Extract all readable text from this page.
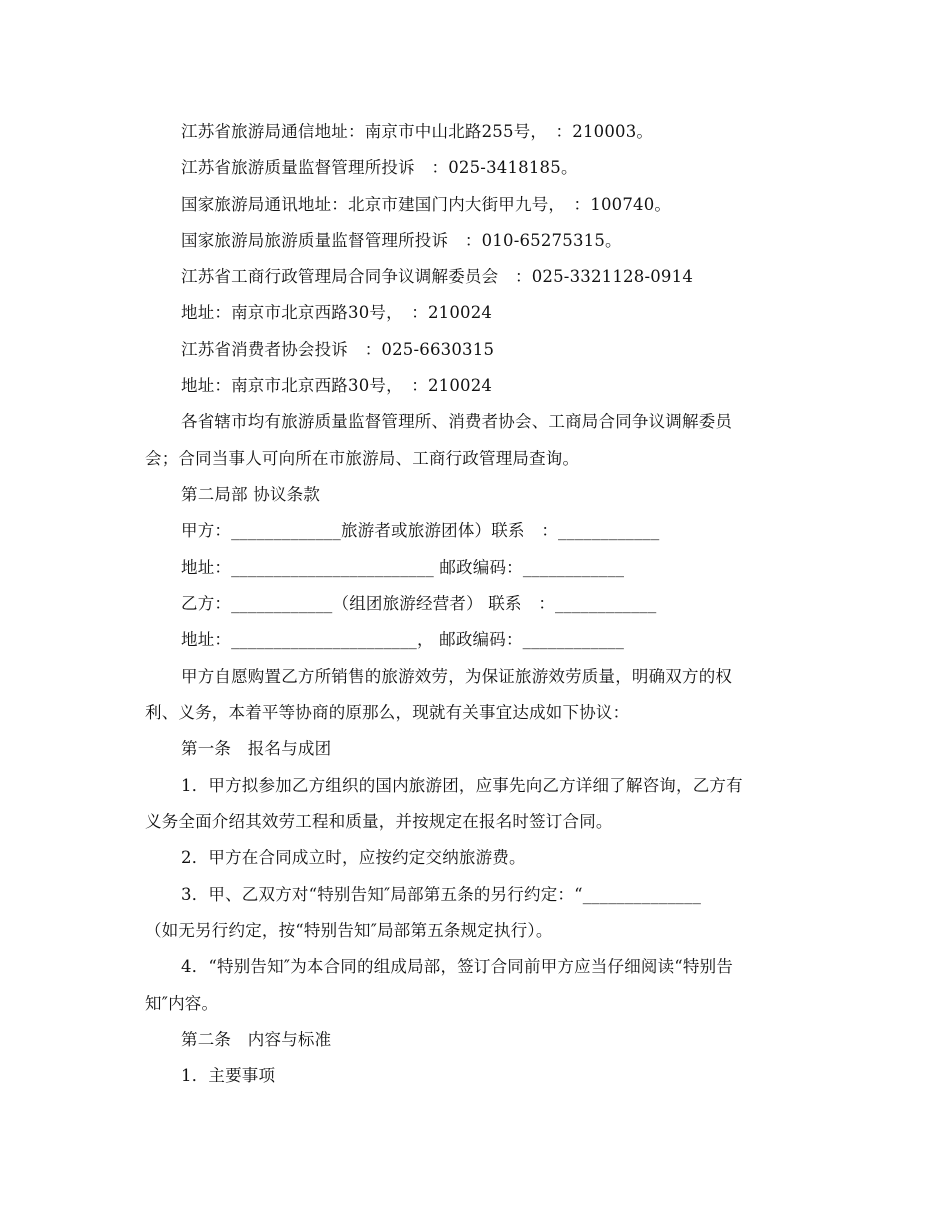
江苏省旅游局通信地址：南京市中山北路255号，　：210003。
江苏省旅游质量监督管理所投诉　：025-3418185。
国家旅游局通讯地址：北京市建国门内大街甲九号，　：100740。
国家旅游局旅游质量监督管理所投诉　：010-65275315。
江苏省工商行政管理局合同争议调解委员会　：025-3321128-0914
地址：南京市北京西路30号，　：210024
江苏省消费者协会投诉　：025-6630315
地址：南京市北京西路30号，　：210024
各省辖市均有旅游质量监督管理所、消费者协会、工商局合同争议调解委员
会；合同当事人可向所在市旅游局、工商行政管理局查询。
第二局部 协议条款
甲方：_____________旅游者或旅游团体）联系　：____________
地址：________________________ 邮政编码：____________
乙方：____________（组团旅游经营者） 联系　：____________
地址：______________________， 邮政编码：____________
甲方自愿购置乙方所销售的旅游效劳，为保证旅游效劳质量，明确双方的权
利、义务，本着平等协商的原那么，现就有关事宜达成如下协议：
第一条　报名与成团
1．甲方拟参加乙方组织的国内旅游团，应事先向乙方详细了解咨询，乙方有
义务全面介绍其效劳工程和质量，并按规定在报名时签订合同。
2．甲方在合同成立时，应按约定交纳旅游费。
3．甲、乙双方对“特别告知″局部第五条的另行约定：“______________
（如无另行约定，按“特别告知″局部第五条规定执行）。
4．“特别告知″为本合同的组成局部，签订合同前甲方应当仔细阅读“特别告
知″内容。
第二条　内容与标准
1．主要事项
